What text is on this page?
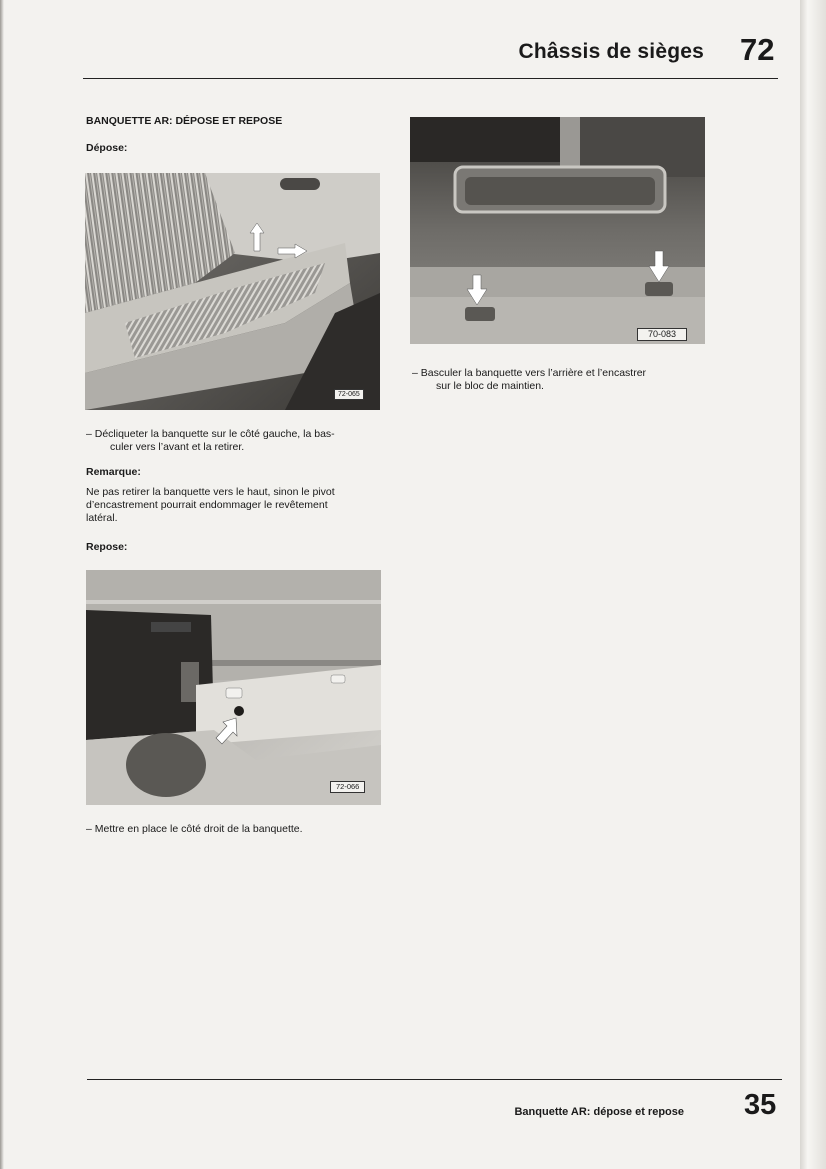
Châssis de sièges 72
BANQUETTE AR: DÉPOSE ET REPOSE
Dépose:
72-065
– Décliqueter la banquette sur le côté gauche, la bas-
culer vers l’avant et la retirer.
Remarque:
Ne pas retirer la banquette vers le haut, sinon le pivot
d’encastrement pourrait endommager le revêtement
latéral.
Repose:
70-083
– Basculer la banquette vers l’arrière et l’encastrer
sur le bloc de maintien.
72-066
– Mettre en place le côté droit de la banquette.
Banquette AR: dépose et repose 35
